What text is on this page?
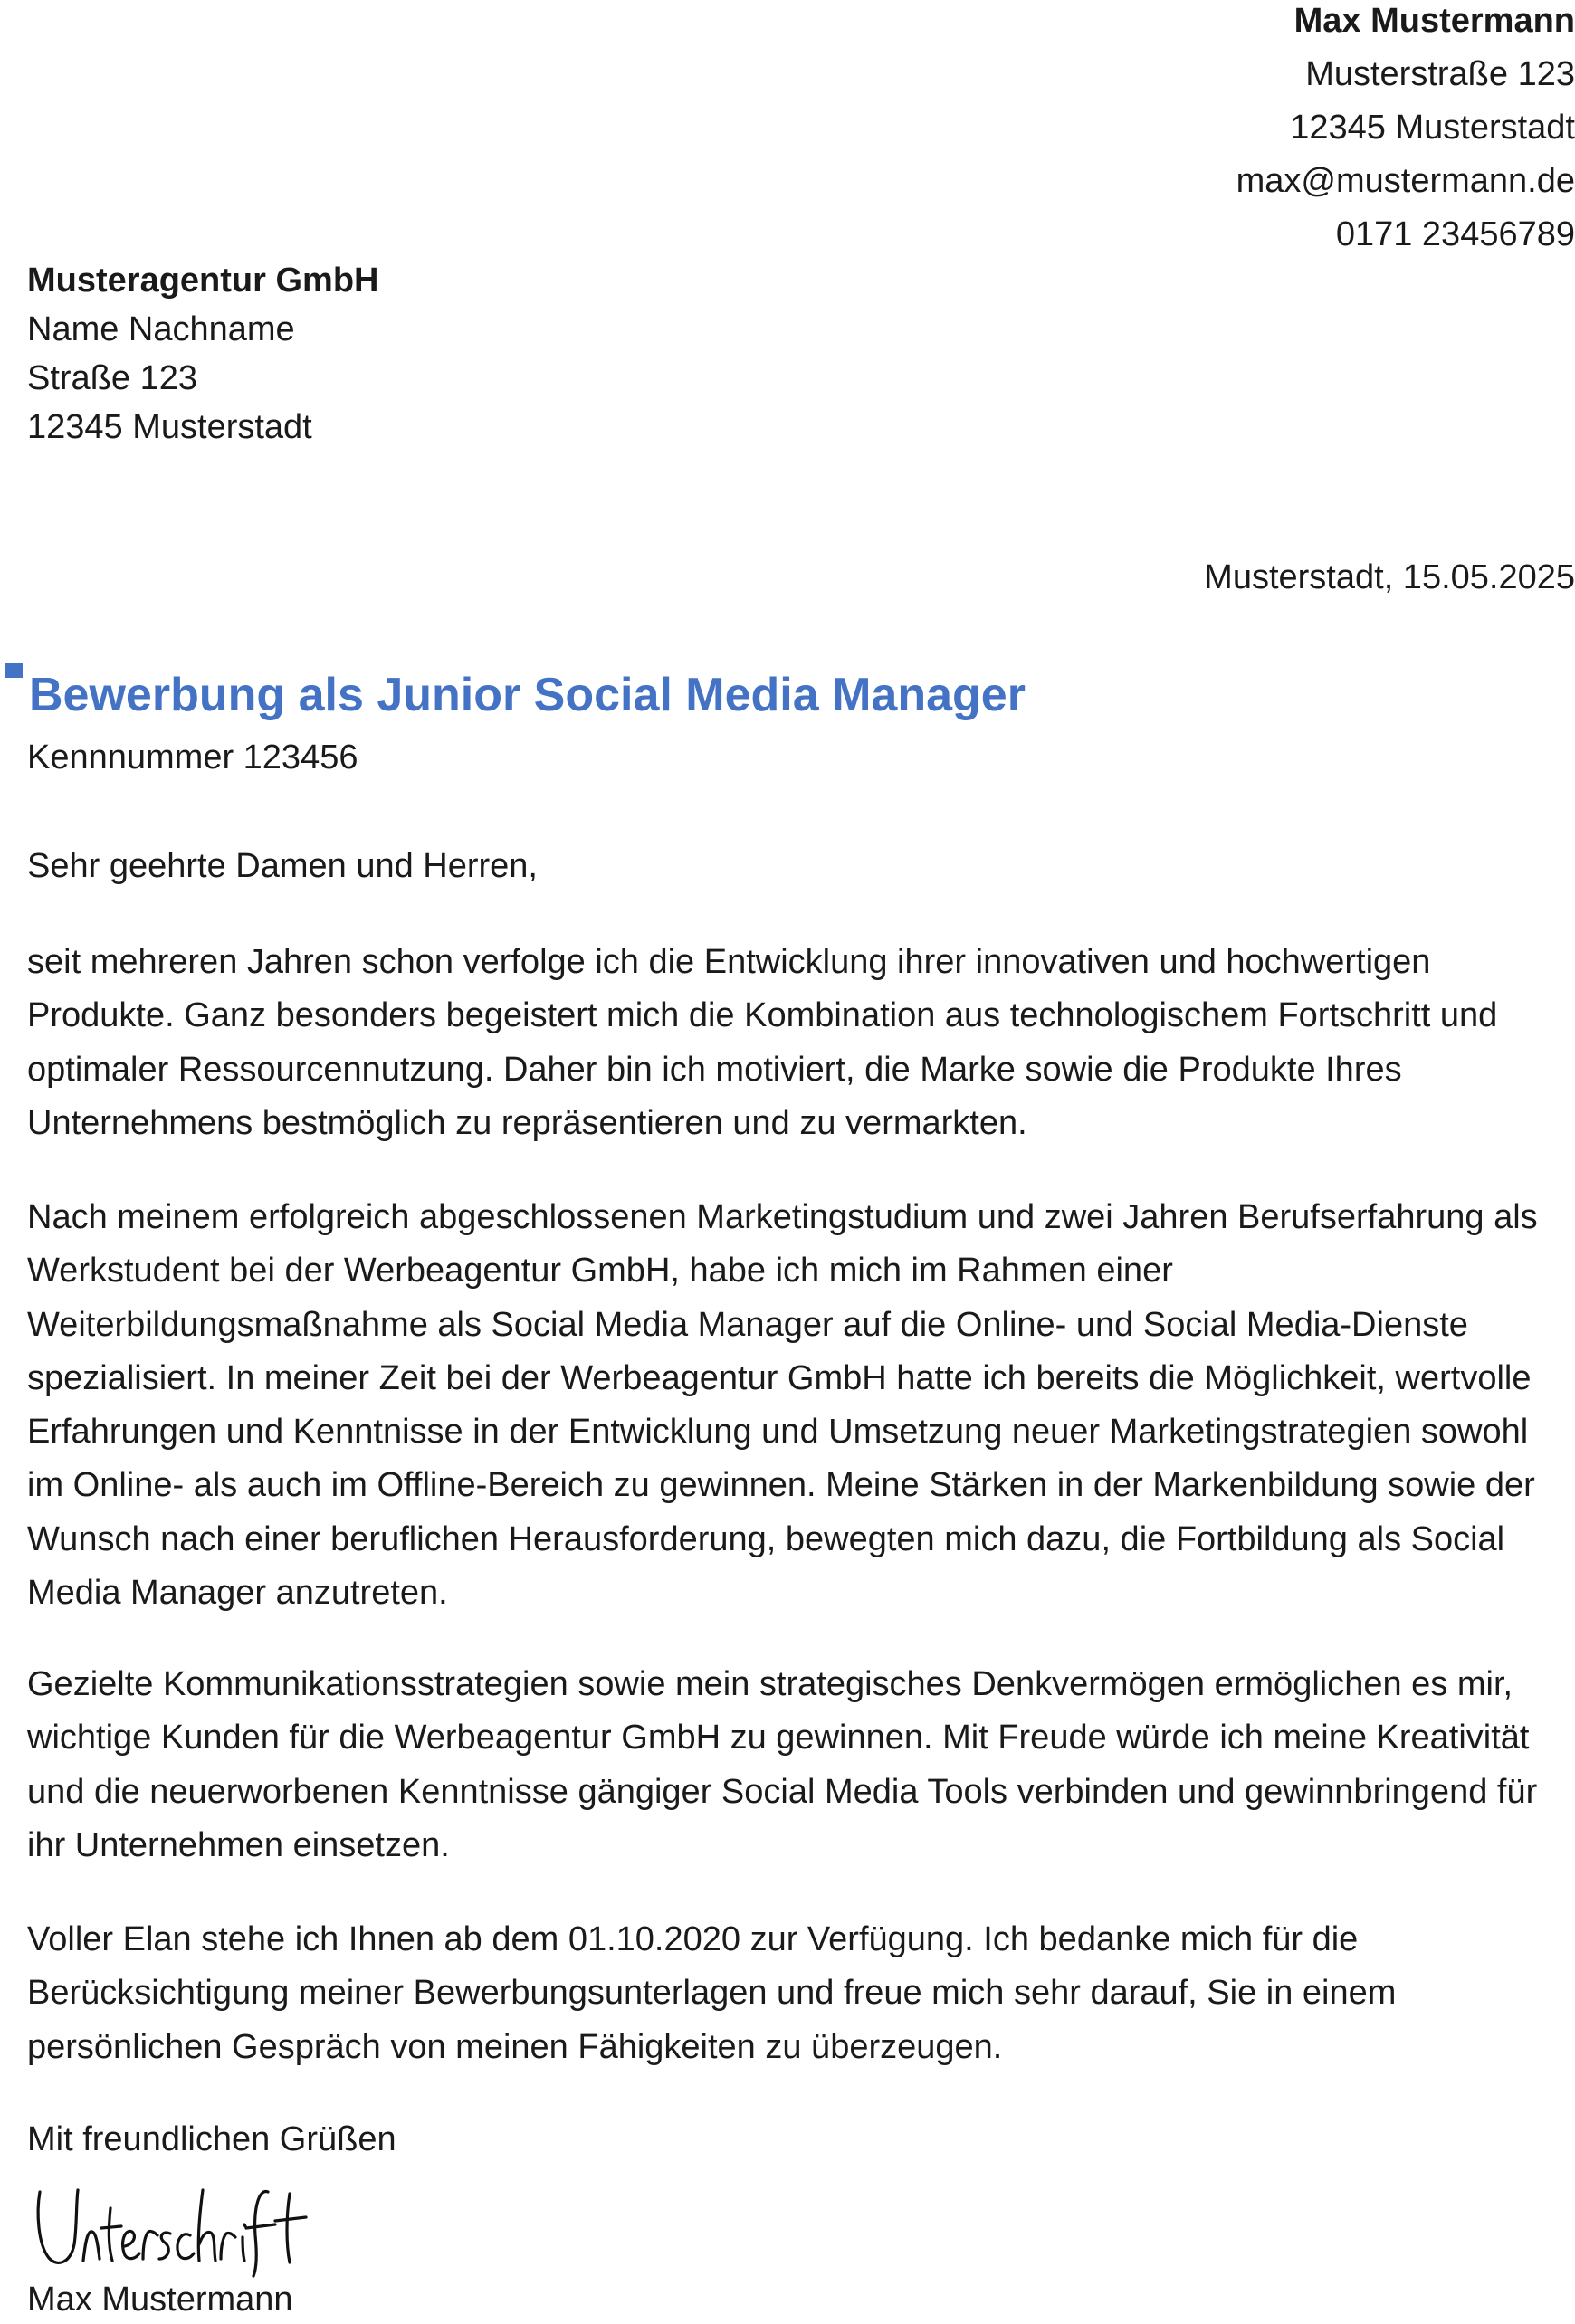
Max Mustermann
Musterstraße 123
12345 Musterstadt
max@mustermann.de
0171 23456789
Musteragentur GmbH
Name Nachname
Straße 123
12345 Musterstadt
Musterstadt, 15.05.2025
Bewerbung als Junior Social Media Manager
Kennnummer 123456
Sehr geehrte Damen und Herren,
seit mehreren Jahren schon verfolge ich die Entwicklung ihrer innovativen und hochwertigen Produkte. Ganz besonders begeistert mich die Kombination aus technologischem Fortschritt und optimaler Ressourcennutzung. Daher bin ich motiviert, die Marke sowie die Produkte Ihres Unternehmens bestmöglich zu repräsentieren und zu vermarkten.
Nach meinem erfolgreich abgeschlossenen Marketingstudium und zwei Jahren Berufserfahrung als Werkstudent bei der Werbeagentur GmbH, habe ich mich im Rahmen einer Weiterbildungsmaßnahme als Social Media Manager auf die Online- und Social Media-Dienste spezialisiert. In meiner Zeit bei der Werbeagentur GmbH hatte ich bereits die Möglichkeit, wertvolle Erfahrungen und Kenntnisse in der Entwicklung und Umsetzung neuer Marketingstrategien sowohl im Online- als auch im Offline-Bereich zu gewinnen. Meine Stärken in der Markenbildung sowie der Wunsch nach einer beruflichen Herausforderung, bewegten mich dazu, die Fortbildung als Social Media Manager anzutreten.
Gezielte Kommunikationsstrategien sowie mein strategisches Denkvermögen ermöglichen es mir, wichtige Kunden für die Werbeagentur GmbH zu gewinnen. Mit Freude würde ich meine Kreativität und die neuerworbenen Kenntnisse gängiger Social Media Tools verbinden und gewinnbringend für ihr Unternehmen einsetzen.
Voller Elan stehe ich Ihnen ab dem 01.10.2020 zur Verfügung. Ich bedanke mich für die Berücksichtigung meiner Bewerbungsunterlagen und freue mich sehr darauf, Sie in einem persönlichen Gespräch von meinen Fähigkeiten zu überzeugen.
Mit freundlichen Grüßen
Max Mustermann
